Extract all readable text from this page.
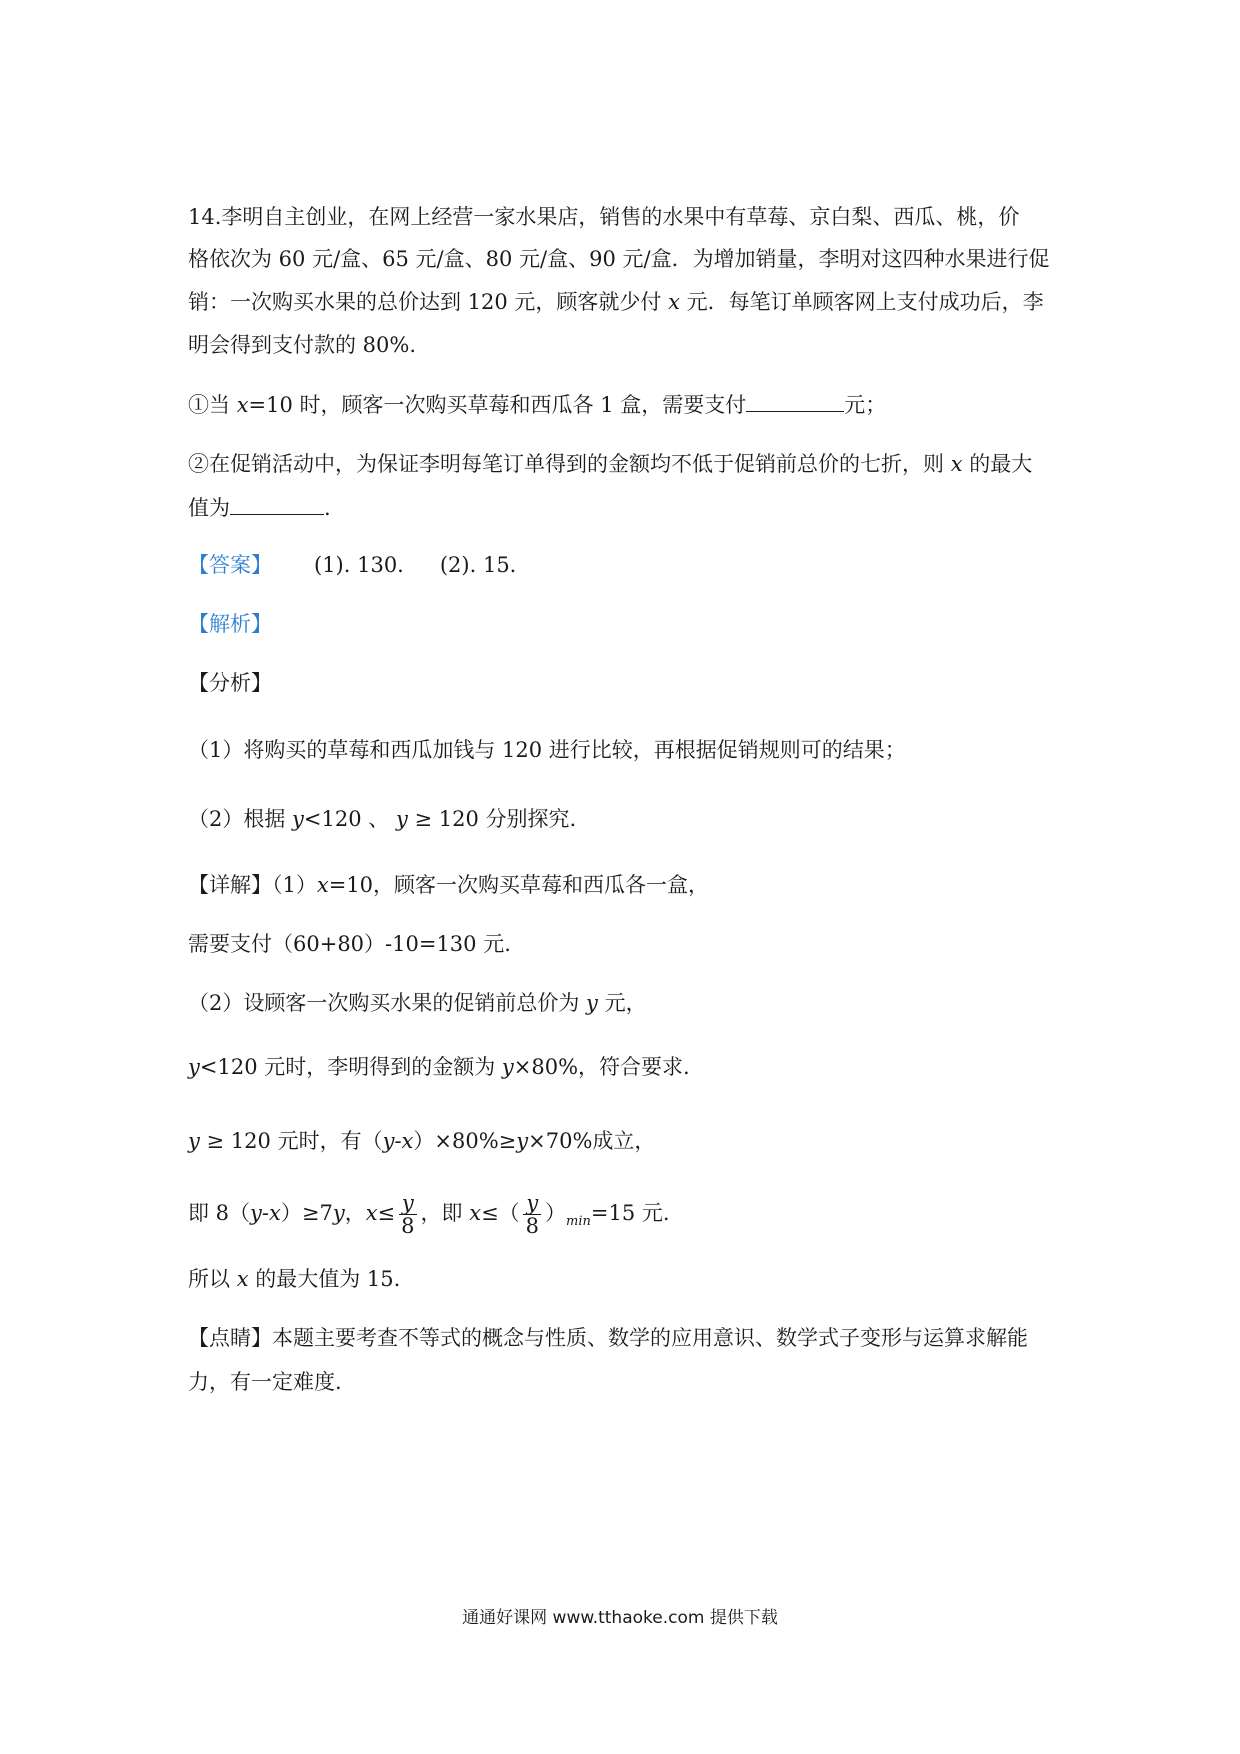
14.李明自主创业，在网上经营一家水果店，销售的水果中有草莓、京白梨、西瓜、桃，价
格依次为 60 元/盒、65 元/盒、80 元/盒、90 元/盒．为增加销量，李明对这四种水果进行促
销：一次购买水果的总价达到 120 元，顾客就少付 x 元．每笔订单顾客网上支付成功后，李
明会得到支付款的 80%.
①当 x=10 时，顾客一次购买草莓和西瓜各 1 盒，需要支付	元；
②在促销活动中，为保证李明每笔订单得到的金额均不低于促销前总价的七折，则 x 的最大
值为	.
【答案】 (1). 130. (2). 15.
【解析】
【分析】
（1）将购买的草莓和西瓜加钱与 120 进行比较，再根据促销规则可的结果；
（2）根据 y<120 、 y ≥ 120 分别探究.
【详解】（1）x=10，顾客一次购买草莓和西瓜各一盒，
需要支付（60+80）-10=130 元.
（2）设顾客一次购买水果的促销前总价为 y 元，
y<120 元时，李明得到的金额为 y×80%，符合要求.
y ≥ 120 元时，有（y-x）×80%≥y×70%成立，
即 8（y-x）≥7y，$x\le \frac{y}{8}$ ，即 $x\le( \frac{y}{8} )_{min}=15$ 元.
所以 x 的最大值为 15.
【点睛】本题主要考查不等式的概念与性质、数学的应用意识、数学式子变形与运算求解能
力，有一定难度.
通通好课网 www.tthaoke.com 提供下载
